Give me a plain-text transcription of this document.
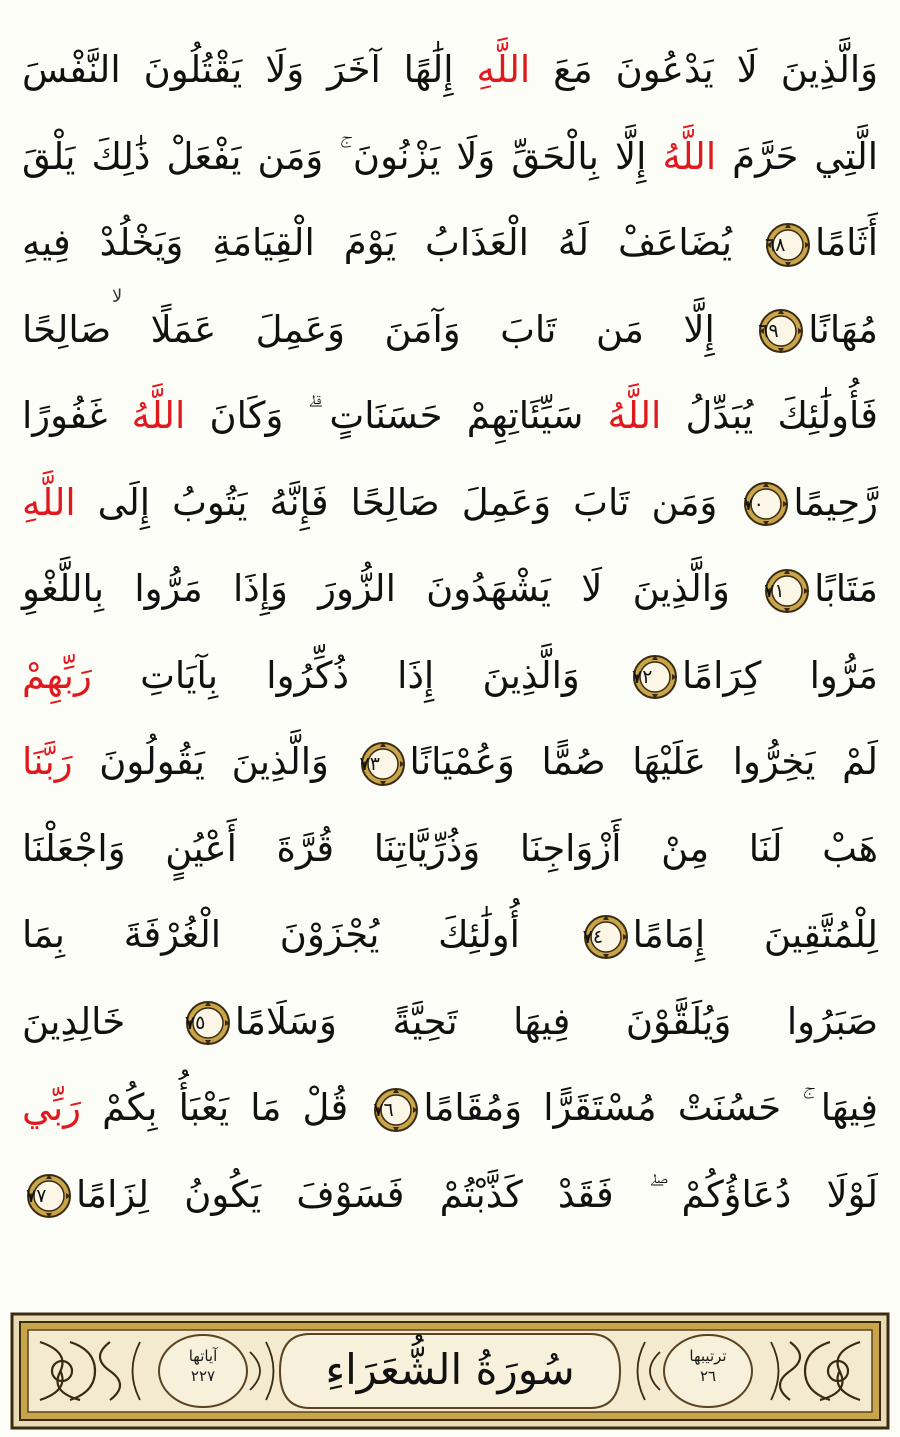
وَالَّذِينَ لَا يَدْعُونَ مَعَ اللَّهِ إِلَٰهًا آخَرَ وَلَا يَقْتُلُونَ النَّفْسَ
الَّتِي حَرَّمَ اللَّهُ إِلَّا بِالْحَقِّ وَلَا يَزْنُونَ ۚ وَمَن يَفْعَلْ ذَٰلِكَ يَلْقَ
أَثَامًا
٦٨
يُضَاعَفْ لَهُ الْعَذَابُ يَوْمَ الْقِيَامَةِ وَيَخْلُدْ فِيهِ
مُهَانًا
٦٩
إِلَّا مَن تَابَ وَآمَنَ وَعَمِلَ عَمَلًا صَالِحًا
فَأُولَٰئِكَ يُبَدِّلُ اللَّهُ سَيِّئَاتِهِمْ حَسَنَاتٍ ۗ وَكَانَ اللَّهُ غَفُورًا
رَّحِيمًا
٧٠
وَمَن تَابَ وَعَمِلَ صَالِحًا فَإِنَّهُ يَتُوبُ إِلَى اللَّهِ
مَتَابًا
٧١
وَالَّذِينَ لَا يَشْهَدُونَ الزُّورَ وَإِذَا مَرُّوا بِاللَّغْوِ
مَرُّوا كِرَامًا
٧٢
وَالَّذِينَ إِذَا ذُكِّرُوا بِآيَاتِ رَبِّهِمْ
لَمْ يَخِرُّوا عَلَيْهَا صُمًّا وَعُمْيَانًا
٧٣
وَالَّذِينَ يَقُولُونَ رَبَّنَا
هَبْ لَنَا مِنْ أَزْوَاجِنَا وَذُرِّيَّاتِنَا قُرَّةَ أَعْيُنٍ وَاجْعَلْنَا
لِلْمُتَّقِينَ إِمَامًا
٧٤
أُولَٰئِكَ يُجْزَوْنَ الْغُرْفَةَ بِمَا
صَبَرُوا وَيُلَقَّوْنَ فِيهَا تَحِيَّةً وَسَلَامًا
٧٥
خَالِدِينَ
فِيهَا ۚ حَسُنَتْ مُسْتَقَرًّا وَمُقَامًا
٧٦
قُلْ مَا يَعْبَأُ بِكُمْ رَبِّي
لَوْلَا دُعَاؤُكُمْ ۖ فَقَدْ كَذَّبْتُمْ فَسَوْفَ يَكُونُ لِزَامًا
٧٧
لا
سُورَةُ الشُّعَرَاءِ
آياتها
٢٢٧
ترتيبها
٢٦
